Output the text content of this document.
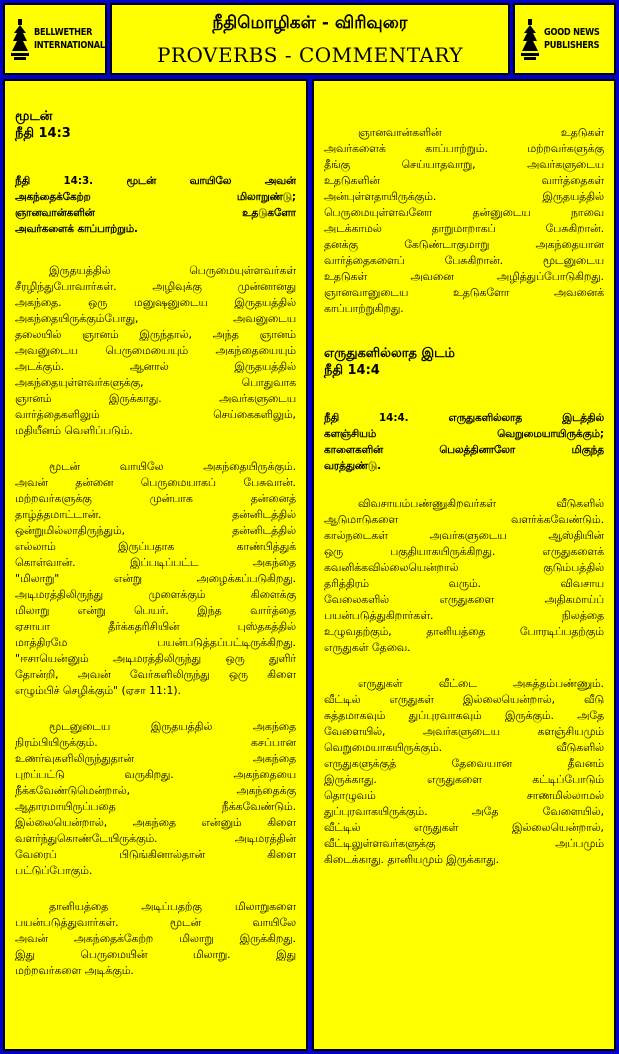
BELLWETHER
INTERNATIONAL
நீதிமொழிகள் - விரிவுரை
PROVERBS - COMMENTARY
GOOD NEWS
PUBLISHERS
மூடன்
நீதி 14:3
நீதி 14:3. மூடன் வாயிலே அவன்
அகந்தைக்கேற்ற மிலாறுண்டு;
ஞானவான்களின் உதடுகளோ
அவர்களைக் காப்பாற்றும்.
இருதயத்தில் பெருமையுள்ளவர்கள்
சீரழிந்துபோவார்கள். அழிவுக்கு முன்னானது
அகந்தை. ஒரு மனுஷனுடைய இருதயத்தில்
அகந்தையிருக்கும்போது, அவனுடைய
தலையில் ஞானம் இருந்தால், அந்த ஞானம்
அவனுடைய பெருமையையும் அகந்தையையும்
அடக்கும். ஆனால் இருதயத்தில்
அகந்தையுள்ளவர்களுக்கு, பொதுவாக
ஞானம் இருக்காது. அவர்களுடைய
வார்த்தைகளிலும் செய்கைகளிலும்,
மதியீனம் வெளிப்படும்.
மூடன் வாயிலே அகந்தையிருக்கும்.
அவன் தன்னை பெருமையாகப் பேசுவான்.
மற்றவர்களுக்கு முன்பாக தன்னைத்
தாழ்த்தமாட்டான். தன்னிடத்தில்
ஒன்றுமில்லாதிருந்தும், தன்னிடத்தில்
எல்லாம் இருப்பதாக காண்பித்துக்
கொள்வான். இப்படிப்பட்ட அகந்தை
"மிலாறு" என்று அழைக்கப்படுகிறது.
அடிமரத்திலிருந்து முளைக்கும் கிளைக்கு
மிலாறு என்று பெயர். இந்த வார்த்தை
ஏசாயா தீர்க்கதரிசியின் புஸ்தகத்தில்
மாத்திரமே பயன்படுத்தப்பட்டிருக்கிறது.
"ஈசாயென்னும் அடிமரத்திலிருந்து ஒரு துளிர்
தோன்றி, அவன் வேர்களிலிருந்து ஒரு கிளை
எழும்பிச் செழிக்கும்" (ஏசா 11:1).
மூடனுடைய இருதயத்தில் அகந்தை
நிரம்பியிருக்கும். கசப்பான
உணர்வுகளிலிருந்துதான் அகந்தை
புறப்பட்டு வருகிறது. அகந்தையை
நீக்கவேண்டுமென்றால், அகந்தைக்கு
ஆதாரமாயிருப்பதை நீக்கவேண்டும்.
இல்லையென்றால், அகந்தை என்னும் கிளை
வளர்ந்துகொண்டேயிருக்கும். அடிமரத்தின்
வேரைப் பிடுங்கினால்தான் கிளை
பட்டுப்போகும்.
தானியத்தை அடிப்பதற்கு மிலாறுகளை
பயன்படுத்துவார்கள். மூடன் வாயிலே
அவன் அகந்தைக்கேற்ற மிலாறு இருக்கிறது.
இது பெருமையின் மிலாறு. இது
மற்றவர்களை அடிக்கும்.
ஞானவான்களின் உதடுகள்
அவர்களைக் காப்பாற்றும். மற்றவர்களுக்கு
தீங்கு செய்யாதவாறு, அவர்களுடைய
உதடுகளின் வார்த்தைகள்
அன்புள்ளதாயிருக்கும். இருதயத்தில்
பெருமையுள்ளவனோ தன்னுடைய நாவை
அடக்காமல் தாறுமாறாகப் பேசுகிறான்.
தனக்கு கேடுண்டாகுமாறு அகந்தையான
வார்த்தைகளைப் பேசுகிறான். மூடனுடைய
உதடுகள் அவனை அழித்துப்போடுகிறது.
ஞானவானுடைய உதடுகளோ அவனைக்
காப்பாற்றுகிறது.
எருதுகளில்லாத இடம்
நீதி 14:4
நீதி 14:4. எருதுகளில்லாத இடத்தில்
களஞ்சியம் வெறுமையாயிருக்கும்;
காளைகளின் பெலத்தினாலோ மிகுந்த
வரத்துண்டு.
விவசாயம்பண்ணுகிறவர்கள் வீடுகளில்
ஆடுமாடுகளை வளர்க்கவேண்டும்.
கால்நடைகள் அவர்களுடைய ஆஸ்தியின்
ஒரு பகுதியாகயிருக்கிறது. எருதுகளைக்
கவனிக்கவில்லையென்றால் குடும்பத்தில்
தரித்திரம் வரும். விவசாய
வேலைகளில் எருதுகளை அதிகமாய்ப்
பயன்படுத்துகிறார்கள். நிலத்தை
உழுவதற்கும், தானியத்தை போரடிப்பதற்கும்
எருதுகள் தேவை.
எருதுகள் வீட்டை அசுத்தம்பண்ணும்.
வீட்டில் எருதுகள் இல்லையென்றால், வீடு
சுத்தமாகவும் துப்புரவாகவும் இருக்கும். அதே
வேளையில், அவர்களுடைய களஞ்சியமும்
வெறுமையாகயிருக்கும். வீடுகளில்
எருதுகளுக்குத் தேவையான தீவனம்
இருக்காது. எருதுகளை கட்டிப்போடும்
தொழுவம் சாணமில்லாமல்
துப்புரவாகயிருக்கும். அதே வேளையில்,
வீட்டில் எருதுகள் இல்லையென்றால்,
வீட்டிலுள்ளவர்களுக்கு அப்பமும்
கிடைக்காது. தானியமும் இருக்காது.
